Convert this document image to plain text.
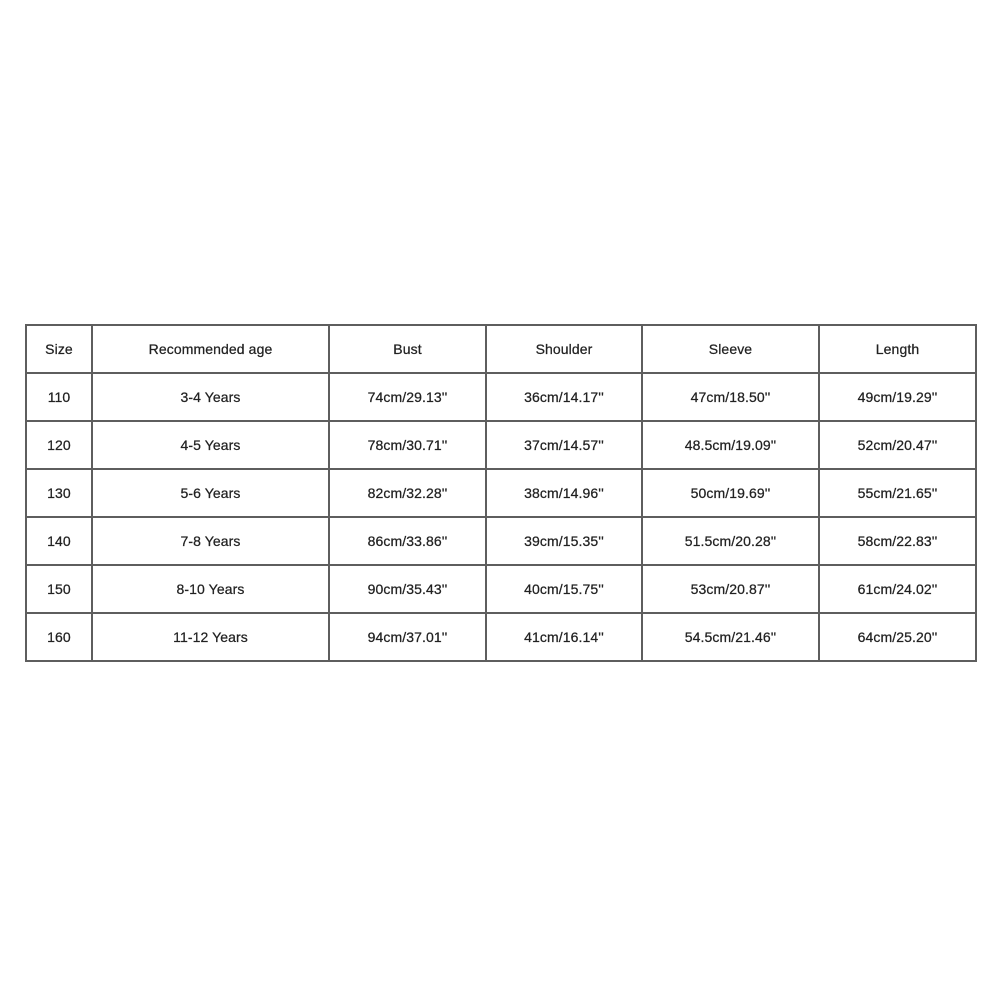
Size	Recommended age	Bust	Shoulder	Sleeve	Length
110	3-4 Years	74cm/29.13''	36cm/14.17''	47cm/18.50''	49cm/19.29''
120	4-5 Years	78cm/30.71''	37cm/14.57''	48.5cm/19.09''	52cm/20.47''
130	5-6 Years	82cm/32.28''	38cm/14.96''	50cm/19.69''	55cm/21.65''
140	7-8 Years	86cm/33.86''	39cm/15.35''	51.5cm/20.28''	58cm/22.83''
150	8-10 Years	90cm/35.43''	40cm/15.75''	53cm/20.87''	61cm/24.02''
160	11-12 Years	94cm/37.01''	41cm/16.14''	54.5cm/21.46''	64cm/25.20''
